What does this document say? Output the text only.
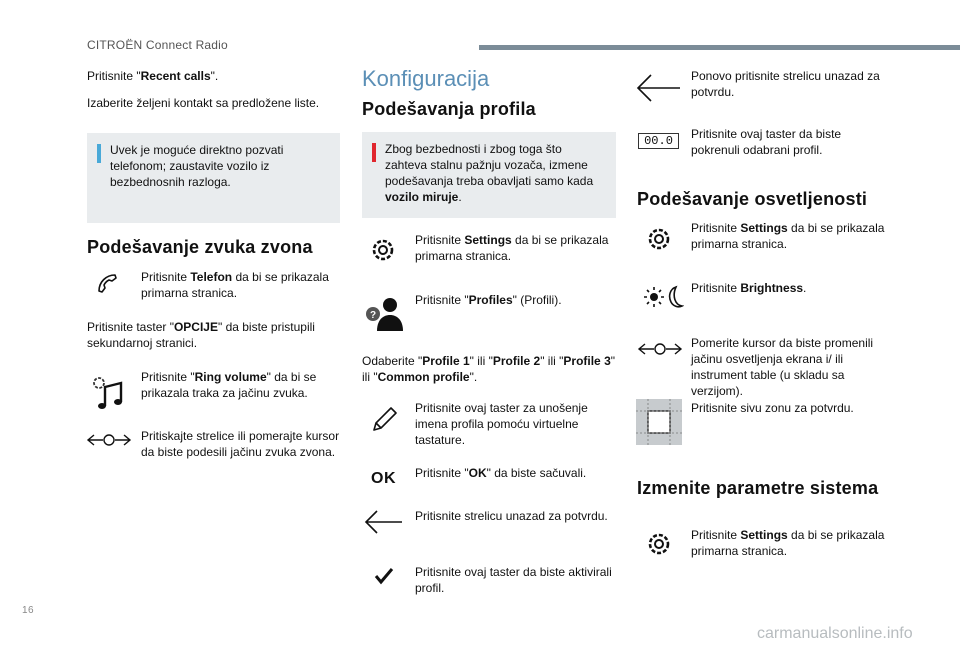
CITROËN Connect Radio
Pritisnite "Recent calls".
Izaberite željeni kontakt sa predložene liste.
Uvek je moguće direktno pozvati telefonom; zaustavite vozilo iz bezbednosnih razloga.
Podešavanje zvuka zvona
Pritisnite Telefon da bi se prikazala primarna stranica.
Pritisnite taster "OPCIJE" da biste pristupili sekundarnoj stranici.
Pritisnite "Ring volume" da bi se prikazala traka za jačinu zvuka.
Pritiskajte strelice ili pomerajte kursor da biste podesili jačinu zvuka zvona.
Konfiguracija
Podešavanja profila
Zbog bezbednosti i zbog toga što zahteva stalnu pažnju vozača, izmene podešavanja treba obavljati samo kada vozilo miruje.
Pritisnite Settings da bi se prikazala primarna stranica.
?
Pritisnite "Profiles" (Profili).
Odaberite "Profile 1" ili "Profile 2" ili "Profile 3" ili "Common profile".
Pritisnite ovaj taster za unošenje imena profila pomoću virtuelne tastature.
OK Pritisnite "OK" da biste sačuvali.
Pritisnite strelicu unazad za potvrdu.
Pritisnite ovaj taster da biste aktivirali profil.
Ponovo pritisnite strelicu unazad za potvrdu.
00.0	Pritisnite ovaj taster da biste pokrenuli odabrani profil.
Podešavanje osvetljenosti
Pritisnite Settings da bi se prikazala primarna stranica.
Pritisnite Brightness.
Pomerite kursor da biste promenili jačinu osvetljenja ekrana i/ ili instrument table (u skladu sa verzijom).
Pritisnite sivu zonu za potvrdu.
Izmenite parametre sistema
Pritisnite Settings da bi se prikazala primarna stranica.
16
carmanualsonline.info
